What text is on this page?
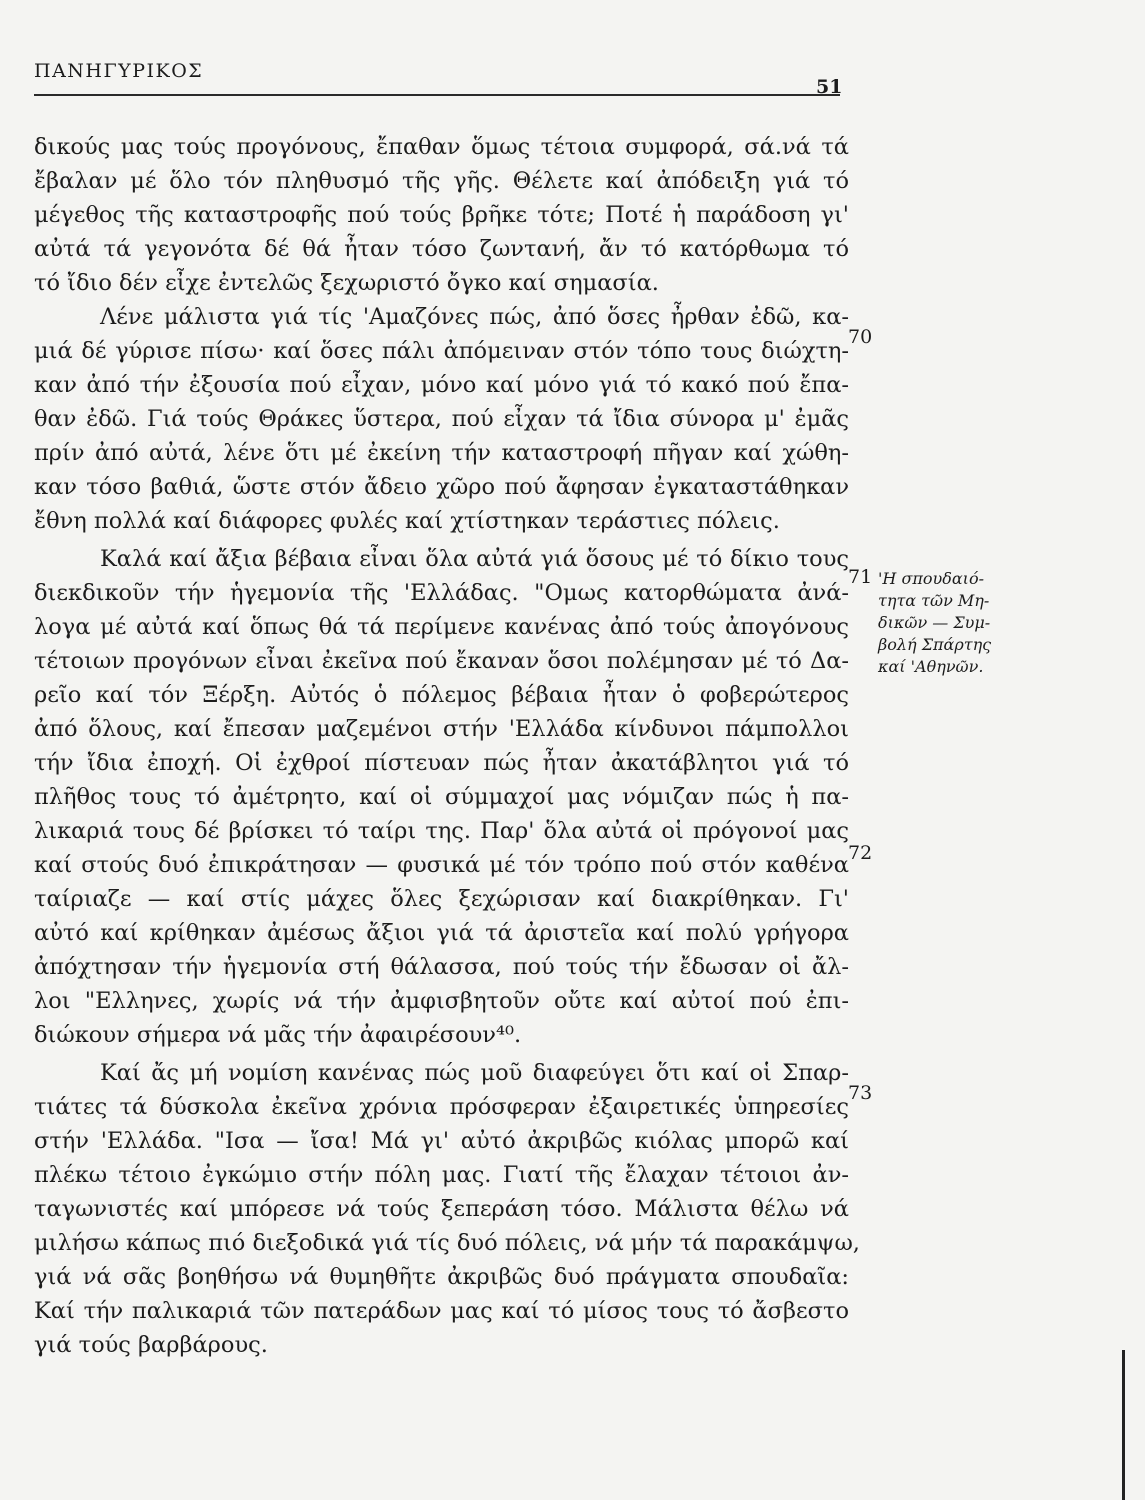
ΠΑΝΗΓΥΡΙΚΟΣ
51
δικούς μας τούς προγόνους, ἔπαθαν ὅμως τέτοια συμφορά, σά.νά τά
ἔβαλαν μέ ὅλο τόν πληθυσμό τῆς γῆς. Θέλετε καί ἀπόδειξη γιά τό
μέγεθος τῆς καταστροφῆς πού τούς βρῆκε τότε; Ποτέ ἡ παράδοση γι'
αὐτά τά γεγονότα δέ θά ἦταν τόσο ζωντανή, ἄν τό κατόρθωμα τό
τό ἴδιο δέν εἶχε ἐντελῶς ξεχωριστό ὄγκο καί σημασία.
Λένε μάλιστα γιά τίς 'Αμαζόνες πώς, ἀπό ὅσες ἦρθαν ἐδῶ, κα-
μιά δέ γύρισε πίσω· καί ὅσες πάλι ἀπόμειναν στόν τόπο τους διώχτη-
καν ἀπό τήν ἐξουσία πού εἶχαν, μόνο καί μόνο γιά τό κακό πού ἔπα-
θαν ἐδῶ. Γιά τούς Θράκες ὕστερα, πού εἶχαν τά ἴδια σύνορα μ' ἐμᾶς
πρίν ἀπό αὐτά, λένε ὅτι μέ ἐκείνη τήν καταστροφή πῆγαν καί χώθη-
καν τόσο βαθιά, ὥστε στόν ἄδειο χῶρο πού ἄφησαν ἐγκαταστάθηκαν
ἔθνη πολλά καί διάφορες φυλές καί χτίστηκαν τεράστιες πόλεις.
Καλά καί ἄξια βέβαια εἶναι ὅλα αὐτά γιά ὅσους μέ τό δίκιο τους
διεκδικοῦν τήν ἡγεμονία τῆς 'Ελλάδας. "Ομως κατορθώματα ἀνά-
λογα μέ αὐτά καί ὅπως θά τά περίμενε κανένας ἀπό τούς ἀπογόνους
τέτοιων προγόνων εἶναι ἐκεῖνα πού ἔκαναν ὅσοι πολέμησαν μέ τό Δα-
ρεῖο καί τόν Ξέρξη. Αὐτός ὁ πόλεμος βέβαια ἦταν ὁ φοβερώτερος
ἀπό ὅλους, καί ἔπεσαν μαζεμένοι στήν 'Ελλάδα κίνδυνοι πάμπολλοι
τήν ἴδια ἐποχή. Οἱ ἐχθροί πίστευαν πώς ἦταν ἀκατάβλητοι γιά τό
πλῆθος τους τό ἀμέτρητο, καί οἱ σύμμαχοί μας νόμιζαν πώς ἡ πα-
λικαριά τους δέ βρίσκει τό ταίρι της. Παρ' ὅλα αὐτά οἱ πρόγονοί μας
καί στούς δυό ἐπικράτησαν — φυσικά μέ τόν τρόπο πού στόν καθένα
ταίριαζε — καί στίς μάχες ὅλες ξεχώρισαν καί διακρίθηκαν. Γι'
αὐτό καί κρίθηκαν ἀμέσως ἄξιοι γιά τά ἀριστεῖα καί πολύ γρήγορα
ἀπόχτησαν τήν ἡγεμονία στή θάλασσα, πού τούς τήν ἔδωσαν οἱ ἄλ-
λοι "Ελληνες, χωρίς νά τήν ἀμφισβητοῦν οὔτε καί αὐτοί πού ἐπι-
διώκουν σήμερα νά μᾶς τήν ἀφαιρέσουν⁴⁰.
Καί ἄς μή νομίση κανένας πώς μοῦ διαφεύγει ὅτι καί οἱ Σπαρ-
τιάτες τά δύσκολα ἐκεῖνα χρόνια πρόσφεραν ἐξαιρετικές ὑπηρεσίες
στήν 'Ελλάδα. "Ισα — ἴσα! Μά γι' αὐτό ἀκριβῶς κιόλας μπορῶ καί
πλέκω τέτοιο ἐγκώμιο στήν πόλη μας. Γιατί τῆς ἔλαχαν τέτοιοι ἀν-
ταγωνιστές καί μπόρεσε νά τούς ξεπεράση τόσο. Μάλιστα θέλω νά
μιλήσω κάπως πιό διεξοδικά γιά τίς δυό πόλεις, νά μήν τά παρακάμψω,
γιά νά σᾶς βοηθήσω νά θυμηθῆτε ἀκριβῶς δυό πράγματα σπουδαῖα:
Καί τήν παλικαριά τῶν πατεράδων μας καί τό μίσος τους τό ἄσβεστο
γιά τούς βαρβάρους.
70
71
72
73
'Η σπουδαιό-
τητα τῶν Μη-
δικῶν — Συμ-
βολή Σπάρτης
καί 'Αθηνῶν.
